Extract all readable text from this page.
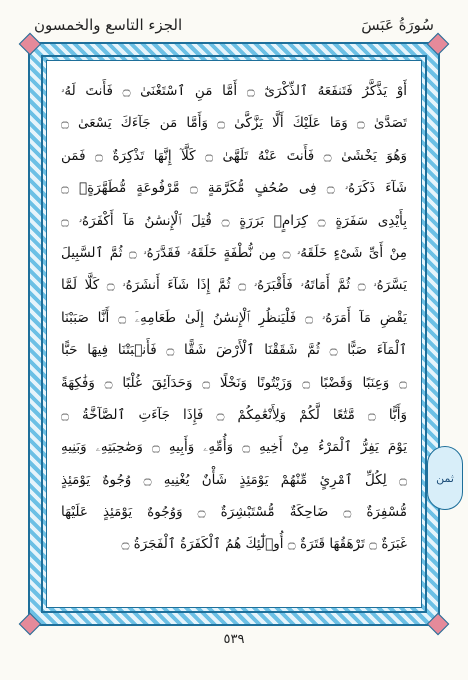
سُورَةُ عَبَسَ
الجزء التاسع والخمسون
أَوْ يَذَّكَّرُ فَتَنفَعَهُ ٱلذِّكْرَىٰٓ ۝ أَمَّا مَنِ ٱسْتَغْنَىٰ ۝ فَأَنتَ لَهُۥ
تَصَدَّىٰ ۝ وَمَا عَلَيْكَ أَلَّا يَزَّكَّىٰ ۝ وَأَمَّا مَن جَآءَكَ يَسْعَىٰ ۝
وَهُوَ يَخْشَىٰ ۝ فَأَنتَ عَنْهُ تَلَهَّىٰ ۝ كَلَّآ إِنَّهَا تَذْكِرَةٌ ۝ فَمَن
شَآءَ ذَكَرَهُۥ ۝ فِى صُحُفٍ مُّكَرَّمَةٍ ۝ مَّرْفُوعَةٍ مُّطَهَّرَةٍۭ ۝
بِأَيْدِى سَفَرَةٍ ۝ كِرَامٍۭ بَرَرَةٍ ۝ قُتِلَ ٱلْإِنسَٰنُ مَآ أَكْفَرَهُۥ ۝
مِنْ أَىِّ شَىْءٍ خَلَقَهُۥ ۝ مِن نُّطْفَةٍ خَلَقَهُۥ فَقَدَّرَهُۥ ۝ ثُمَّ ٱلسَّبِيلَ
يَسَّرَهُۥ ۝ ثُمَّ أَمَاتَهُۥ فَأَقْبَرَهُۥ ۝ ثُمَّ إِذَا شَآءَ أَنشَرَهُۥ ۝ كَلَّا لَمَّا
يَقْضِ مَآ أَمَرَهُۥ ۝ فَلْيَنظُرِ ٱلْإِنسَٰنُ إِلَىٰ طَعَامِهِۦٓ ۝ أَنَّا صَبَبْنَا
ٱلْمَآءَ صَبًّا ۝ ثُمَّ شَقَقْنَا ٱلْأَرْضَ شَقًّا ۝ فَأَنۢبَتْنَا فِيهَا حَبًّا
۝ وَعِنَبًا وَقَضْبًا ۝ وَزَيْتُونًا وَنَخْلًا ۝ وَحَدَآئِقَ غُلْبًا ۝ وَفَٰكِهَةً
وَأَبًّا ۝ مَّتَٰعًا لَّكُمْ وَلِأَنْعَٰمِكُمْ ۝ فَإِذَا جَآءَتِ ٱلصَّآخَّةُ ۝
يَوْمَ يَفِرُّ ٱلْمَرْءُ مِنْ أَخِيهِ ۝ وَأُمِّهِۦ وَأَبِيهِ ۝ وَصَٰحِبَتِهِۦ وَبَنِيهِ
۝ لِكُلِّ ٱمْرِئٍ مِّنْهُمْ يَوْمَئِذٍ شَأْنٌ يُغْنِيهِ ۝ وُجُوهٌ يَوْمَئِذٍ
مُّسْفِرَةٌ ۝ ضَاحِكَةٌ مُّسْتَبْشِرَةٌ ۝ وَوُجُوهٌ يَوْمَئِذٍ عَلَيْهَا
غَبَرَةٌ ۝ تَرْهَقُهَا قَتَرَةٌ ۝ أُو۟لَٰٓئِكَ هُمُ ٱلْكَفَرَةُ ٱلْفَجَرَةُ ۝
ثمن
٥٣٩
